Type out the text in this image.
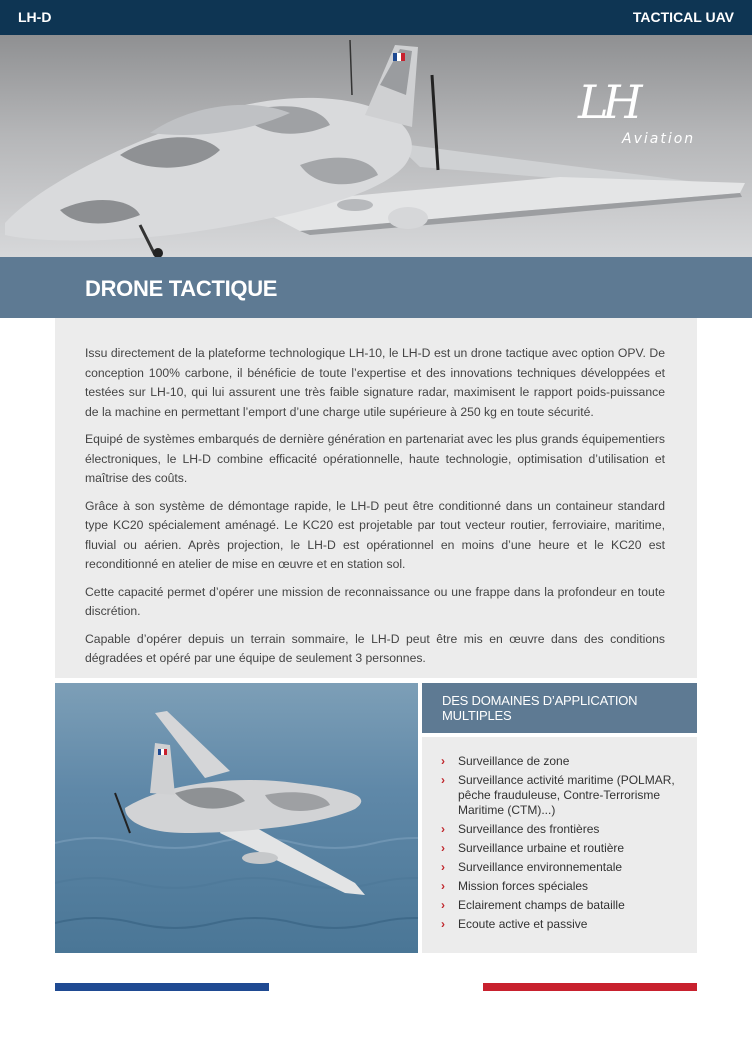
LH-D	TACTICAL UAV
LH
Aviation
DRONE TACTIQUE

Issu directement de la plateforme technologique LH-10, le LH-D est un drone tactique avec option OPV. De conception 100% carbone, il bénéficie de toute l’expertise et des innovations techniques développées et testées sur LH-10, qui lui assurent une très faible signature radar, maximisent le rapport poids-puissance de la machine en permettant l’emport d’une charge utile supérieure à 250 kg en toute sécurité.

Equipé de systèmes embarqués de dernière génération en partenariat avec les plus grands équipementiers électroniques, le LH-D combine efficacité opérationnelle, haute technologie, optimisation d’utilisation et maîtrise des coûts.

Grâce à son système de démontage rapide, le LH-D peut être conditionné dans un containeur standard type KC20 spécialement aménagé. Le KC20 est projetable par tout vecteur routier, ferroviaire, maritime, fluvial ou aérien. Après projection, le LH-D est opérationnel en moins d’une heure et le KC20 est reconditionné en atelier de mise en œuvre et en station sol.

Cette capacité permet d’opérer une mission de reconnaissance ou une frappe dans la profondeur en toute discrétion.

Capable d’opérer depuis un terrain sommaire, le LH-D peut être mis en œuvre dans des conditions dégradées et opéré par une équipe de seulement 3 personnes.

DES DOMAINES D’APPLICATION MULTIPLES
› Surveillance de zone
› Surveillance activité maritime (POLMAR, pêche frauduleuse, Contre-Terrorisme Maritime (CTM)...)
› Surveillance des frontières
› Surveillance urbaine et routière
› Surveillance environnementale
› Mission forces spéciales
› Eclairement champs de bataille
› Ecoute active et passive
